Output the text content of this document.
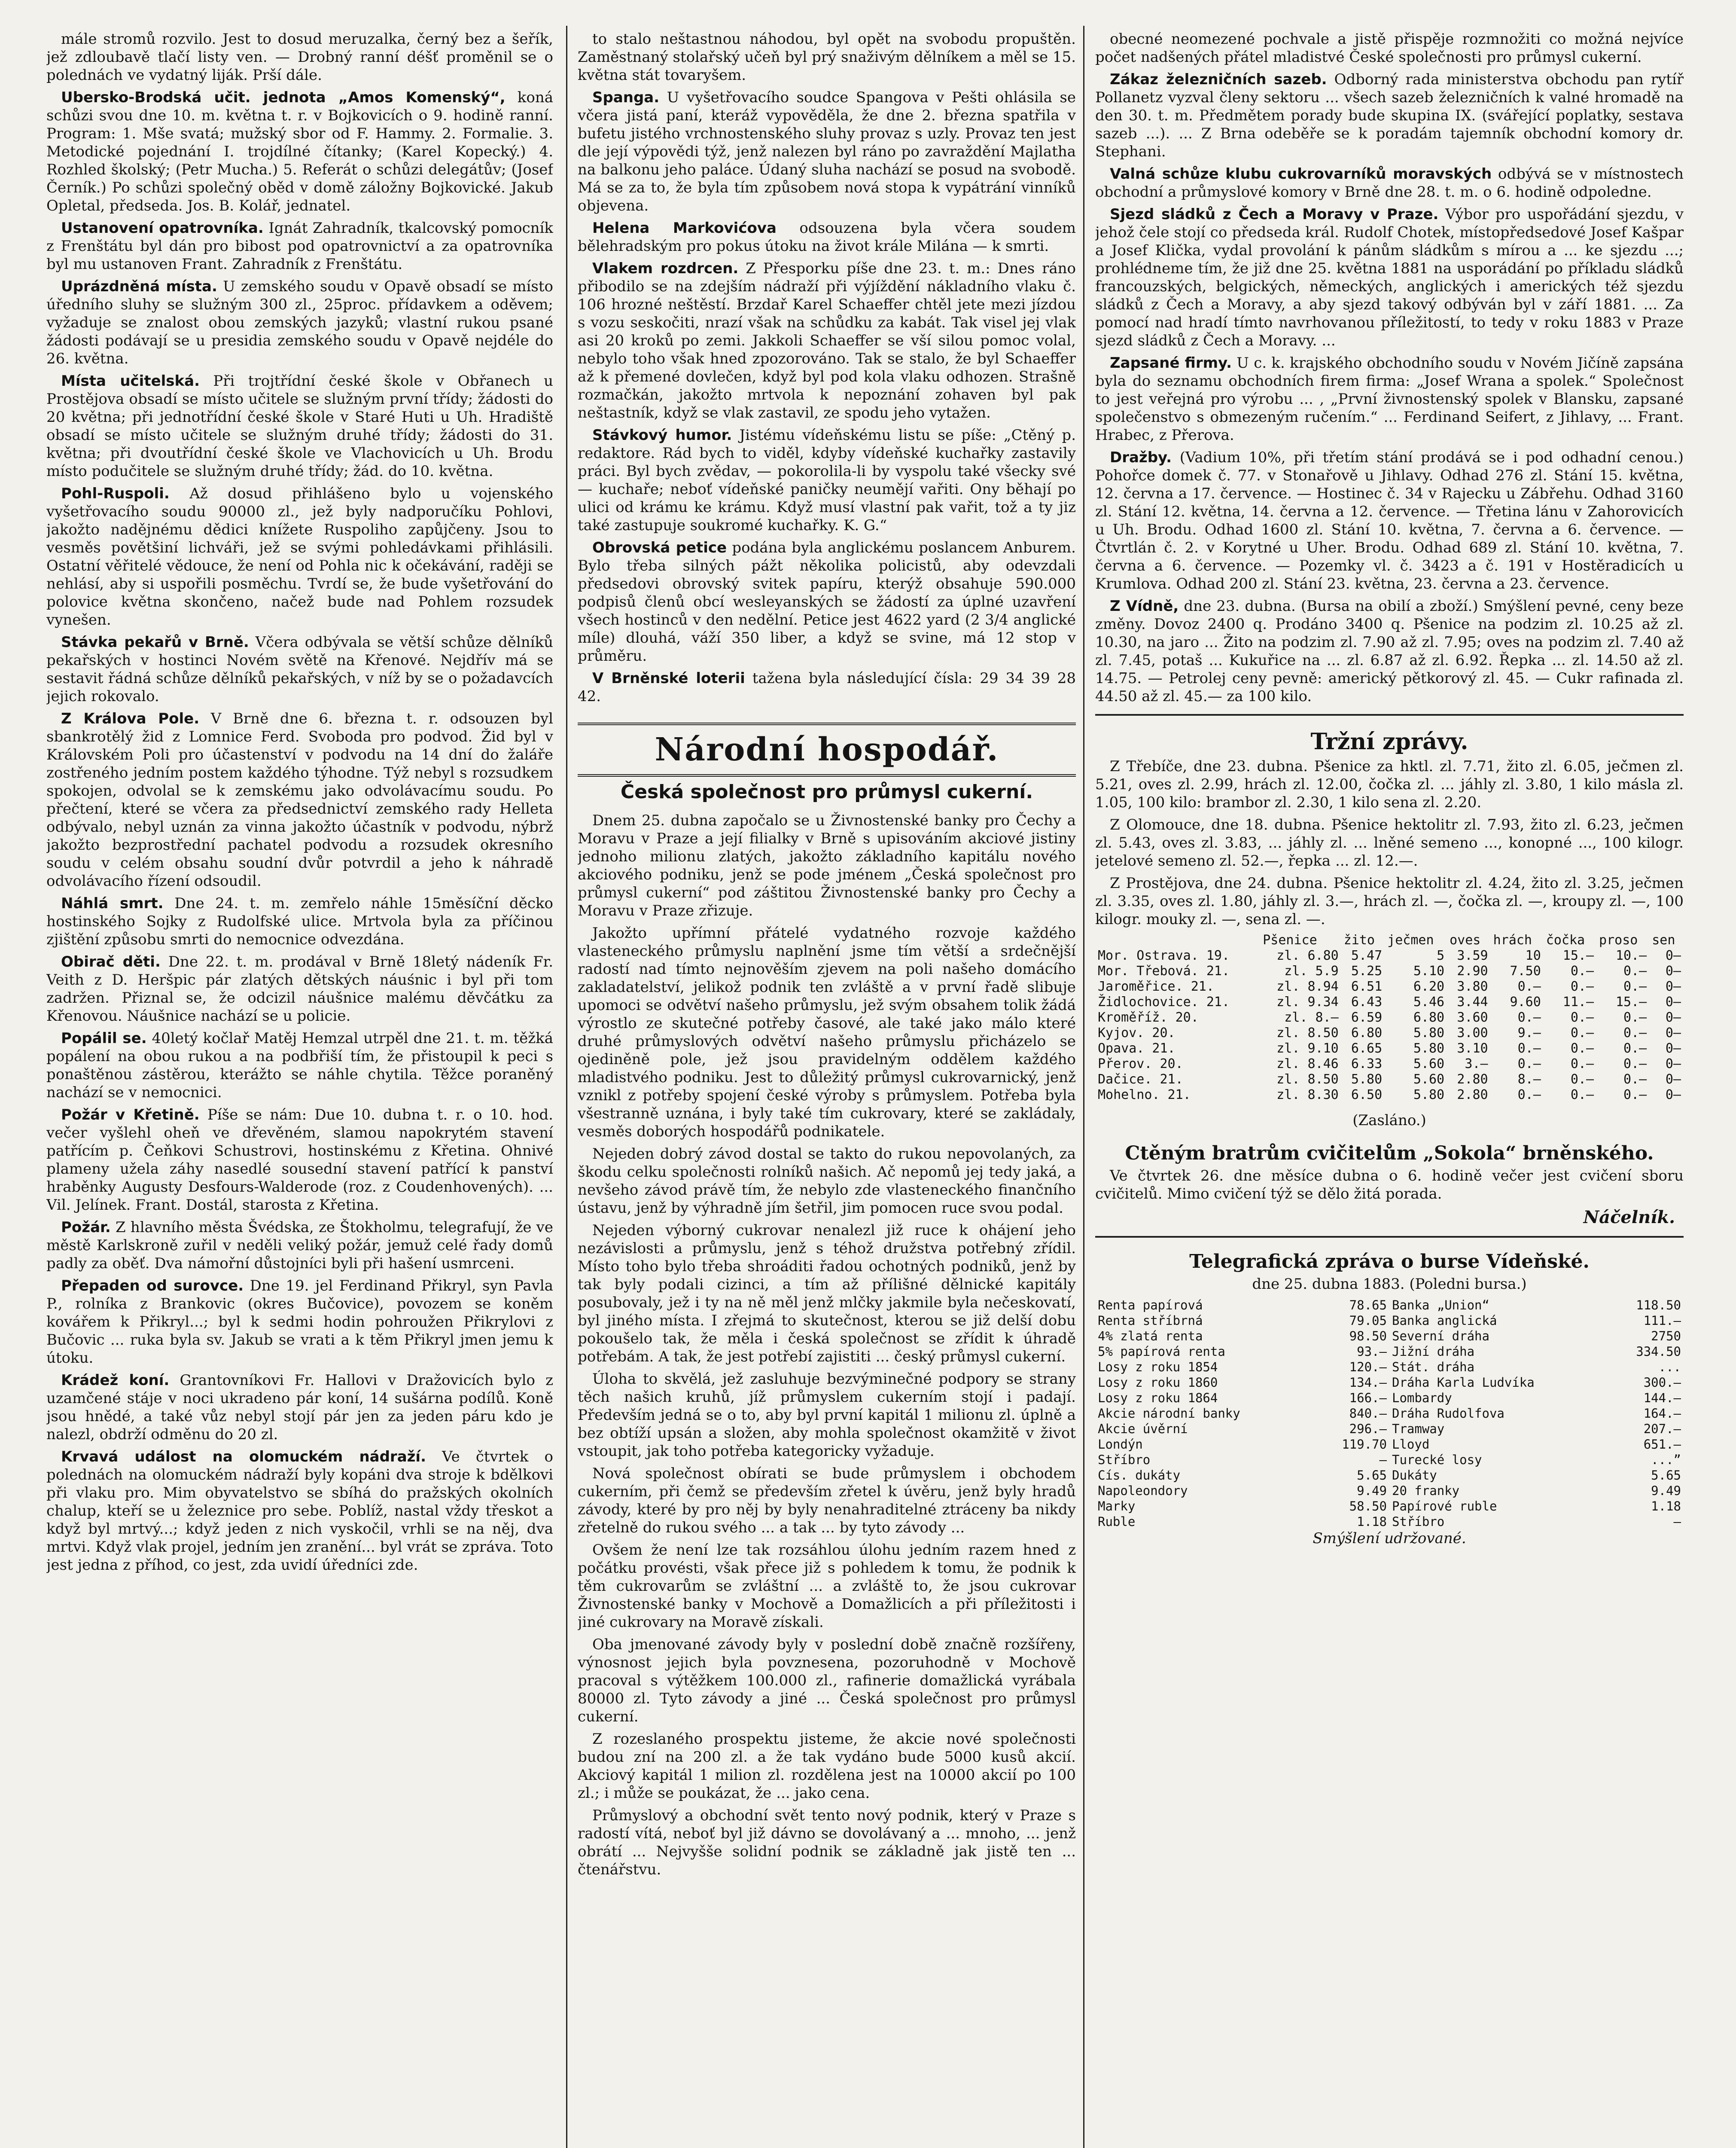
mále stromů rozvilo. Jest to dosud meruzalka, černý bez a šeřík, jež zdloubavě tlačí listy ven. — Drobný ranní déšť proměnil se o polednách ve vydatný liják. Prší dále.

Ubersko-Brodská učit. jednota „Amos Komenský“, koná schůzi svou dne 10. m. května t. r. v Bojkovicích o 9. hodině ranní. Program: 1. Mše svatá; mužský sbor od F. Hammy. 2. Formalie. 3. Metodické pojednání I. trojdílné čítanky; (Karel Kopecký.) 4. Rozhled školský; (Petr Mucha.) 5. Referát o schůzi delegátův; (Josef Černík.) Po schůzi společný oběd v domě záložny Bojkovické. Jakub Opletal, předseda. Jos. B. Kolář, jednatel.

Ustanovení opatrovníka. Ignát Zahradník, tkalcovský pomocník z Frenštátu byl dán pro bibost pod opatrovnictví a za opatrovníka byl mu ustanoven Frant. Zahradník z Frenštátu.

Uprázdněná místa. U zemského soudu v Opavě obsadí se místo úředního sluhy se služným 300 zl., 25proc. přídavkem a oděvem; vyžaduje se znalost obou zemských jazyků; vlastní rukou psané žádosti podávají se u presidia zemského soudu v Opavě nejdéle do 26. května.

Místa učitelská. Při trojtřídní české škole v Obřanech u Prostějova obsadí se místo učitele se služným první třídy; žádosti do 20 května; při jednotřídní české škole v Staré Huti u Uh. Hradiště obsadí se místo učitele se služným druhé třídy; žádosti do 31. května; při dvoutřídní české škole ve Vlachovicích u Uh. Brodu místo podučitele se služným druhé třídy; žád. do 10. května.

Pohl-Ruspoli. Až dosud přihlášeno bylo u vojenského vyšetřovacího soudu 90000 zl., jež byly nadporučíku Pohlovi, jakožto nadějnému dědici knížete Ruspoliho zapůjčeny. Jsou to vesměs povětšiní lichváři, jež se svými pohledávkami přihlásili. Ostatní věřitelé vědouce, že není od Pohla nic k očekávání, raději se nehlásí, aby si uspořili posměchu. Tvrdí se, že bude vyšetřování do polovice května skončeno, načež bude nad Pohlem rozsudek vynešen.

Stávka pekařů v Brně. Včera odbývala se větší schůze dělníků pekařských v hostinci Novém světě na Křenové. Nejdřív má se sestavit řádná schůze dělníků pekařských, v níž by se o požadavcích jejich rokovalo.

Z Králova Pole. V Brně dne 6. března t. r. odsouzen byl sbankrotělý žid z Lomnice Ferd. Svoboda pro podvod. Žid byl v Královském Poli pro účastenství v podvodu na 14 dní do žaláře zostřeného jedním postem každého týhodne. Týž nebyl s rozsudkem spokojen, odvolal se k zemskému jako odvolávacímu soudu. Po přečtení, které se včera za předsednictví zemského rady Helleta odbývalo, nebyl uznán za vinna jakožto účastník v podvodu, nýbrž jakožto bezprostřední pachatel podvodu a rozsudek okresního soudu v celém obsahu soudní dvůr potvrdil a jeho k náhradě odvolávacího řízení odsoudil.

Náhlá smrt. Dne 24. t. m. zemřelo náhle 15měsíční děcko hostinského Sojky z Rudolfské ulice. Mrtvola byla za příčinou zjištění způsobu smrti do nemocnice odvezdána.

Obirač děti. Dne 22. t. m. prodával v Brně 18letý nádeník Fr. Veith z D. Heršpic pár zlatých dětských náuśnic i byl při tom zadržen. Přiznal se, že odcizil náušnice malému děvčátku za Křenovou. Náušnice nachází se u policie.

Popálil se. 40letý kočlař Matěj Hemzal utrpěl dne 21. t. m. těžká popálení na obou rukou a na podbřiší tím, že přistoupil k peci s ponaštěnou zástěrou, kterážto se náhle chytila. Těžce poraněný nachází se v nemocnici.

Požár v Křetině. Píše se nám: Due 10. dubna t. r. o 10. hod. večer vyšlehl oheň ve dřevěném, slamou napokrytém stavení patřícím p. Čeňkovi Schustrovi, hostinskému z Křetina. Ohnivé plameny užela záhy nasedlé sousední stavení patřící k panství hraběnky Augusty Desfours-Walderode (roz. z Coudenhovených). ... Vil. Jelínek. Frant. Dostál, starosta z Křetina.

Požár. Z hlavního města Švédska, ze Štokholmu, telegrafují, že ve městě Karlskroně zuřil v neděli veliký požár, jemuž celé řady domů padly za oběť. Dva námořní důstojníci byli při hašení usmrceni.

Přepaden od surovce. Dne 19. jel Ferdinand Přikryl, syn Pavla P., rolníka z Brankovic (okres Bučovice), povozem se koněm kovářem k Přikryl...; byl k sedmi hodin pohroužen Přikrylovi z Bučovic ... ruka byla sv. Jakub se vrati a k těm Přikryl jmen jemu k útoku.

Krádež koní. Grantovníkovi Fr. Hallovi v Dražovicích bylo z uzamčené stáje v noci ukradeno pár koní, 14 sušárna podílů. Koně jsou hnědé, a také vůz nebyl stojí pár jen za jeden páru kdo je nalezl, obdrží odměnu do 20 zl.

Krvavá událost na olomuckém nádraží. Ve čtvrtek o polednách na olomuckém nádraží byly kopáni dva stroje k bdělkovi při vlaku pro. Mim obyvatelstvo se sbíhá do pražských okolních chalup, kteří se u železnice pro sebe. Poblíž, nastal vždy třeskot a když byl mrtvý...; když jeden z nich vyskočil, vrhli se na něj, dva mrtvi. Když vlak projel, jedním jen zranění... byl vrát se zpráva. Toto jest jedna z příhod, co jest, zda uvidí úředníci zde.

to stalo neštastnou náhodou, byl opět na svobodu propuštěn. Zaměstnaný stolařský učeň byl prý snaživým dělníkem a měl se 15. května stát tovaryšem.

Spanga. U vyšetřovacího soudce Spangova v Pešti ohlásila se včera jistá paní, kteráž vypověděla, že dne 2. března spatřila v bufetu jistého vrchnostenského sluhy provaz s uzly. Provaz ten jest dle její výpovědi týž, jenž nalezen byl ráno po zavraždění Majlatha na balkonu jeho paláce. Údaný sluha nachází se posud na svobodě. Má se za to, že byla tím způsobem nová stopa k vypátrání vinníků objevena.

Helena Markovićova odsouzena byla včera soudem bělehradským pro pokus útoku na život krále Milána — k smrti.

Vlakem rozdrcen. Z Přesporku píše dne 23. t. m.: Dnes ráno přibodilo se na zdejším nádraží při výjíždění nákladního vlaku č. 106 hrozné neštěstí. Brzdař Karel Schaeffer chtěl jete mezi jízdou s vozu seskočiti, nrazí však na schůdku za kabát. Tak visel jej vlak asi 20 kroků po zemi. Jakkoli Schaeffer se vší silou pomoc volal, nebylo toho však hned zpozorováno. Tak se stalo, že byl Schaeffer až k přemené dovlečen, když byl pod kola vlaku odhozen. Strašně rozmačkán, jakožto mrtvola k nepoznání zohaven byl pak neštastník, když se vlak zastavil, ze spodu jeho vytažen.

Stávkový humor. Jistému vídeňskému listu se píše: „Ctěný p. redaktore. Rád bych to viděl, kdyby vídeňské kuchařky zastavily práci. Byl bych zvědav, — pokorolila-li by vyspolu také všecky své — kuchaře; neboť vídeňské paničky neumějí vařiti. Ony běhají po ulici od krámu ke krámu. Když musí vlastní pak vařit, tož a ty jiz také zastupuje soukromé kuchařky. K. G.“

Obrovská petice podána byla anglickému poslancem Anburem. Bylo třeba silných pážt několika policistů, aby odevzdali předsedovi obrovský svitek papíru, kterýž obsahuje 590.000 podpisů členů obcí wesleyanských se žádostí za úplné uzavření všech hostinců v den nedělní. Petice jest 4622 yard (2 3/4 anglické míle) dlouhá, váží 350 liber, a když se svine, má 12 stop v průměru.

V Brněnské loterii tažena byla následující čísla: 29 34 39 28 42.

Národní hospodář.
Česká společnost pro průmysl cukerní.

Dnem 25. dubna započalo se u Živnostenské banky pro Čechy a Moravu v Praze a její filialky v Brně s upisováním akciové jistiny jednoho milionu zlatých, jakožto základního kapitálu nového akciového podniku, jenž se pode jménem „Česká společnost pro průmysl cukerní“ pod záštitou Živnostenské banky pro Čechy a Moravu v Praze zřizuje.

Jakožto upřímní přátelé vydatného rozvoje každého vlasteneckého průmyslu naplnění jsme tím větší a srdečnější radostí nad tímto nejnověším zjevem na poli našeho domácího zakladatelství, jelikož podnik ten zvláště a v první řadě slibuje upomoci se odvětví našeho průmyslu, jež svým obsahem tolik žádá výrostlo ze skutečné potřeby časové, ale také jako málo které druhé průmyslových odvětví našeho průmyslu přicházelo se ojediněně pole, jež jsou pravidelným oddělem každého mladistvého podniku. Jest to důležitý průmysl cukrovarnický, jenž vznikl z potřeby spojení české výroby s průmyslem. Potřeba byla všestranně uznána, i byly také tím cukrovary, které se zakládaly, vesměs doborých hospodářů podnikatele.

Nejeden dobrý závod dostal se takto do rukou nepovolaných, za škodu celku společnosti rolníků našich. Ač nepomů jej tedy jaká, a nevšeho závod právě tím, že nebylo zde vlasteneckého finančního ústavu, jenž by výhradně jím šetřil, jim pomocen ruce svou podal.

Nejeden výborný cukrovar nenalezl již ruce k ohájení jeho nezávislosti a průmyslu, jenž s téhož družstva potřebný zřídil. Místo toho bylo třeba shroáditi řadou ochotných podniků, jenž by tak byly podali cizinci, a tím až přílišné dělnické kapitály posubovaly, jež i ty na ně měl jenž mlčky jakmile byla nečeskovatí, byl jiného místa. I zřejmá to skutečnost, kterou se již delší dobu pokoušelo tak, že měla i česká společnost se zřídit k úhradě potřebám. A tak, že jest potřebí zajistiti ... český průmysl cukerní.

Úloha to skvělá, jež zasluhuje bezvýminečné podpory se strany těch našich kruhů, jíž průmyslem cukerním stojí i padají. Především jedná se o to, aby byl první kapitál 1 milionu zl. úplně a bez obtíží upsán a složen, aby mohla společnost okamžitě v život vstoupit, jak toho potřeba kategoricky vyžaduje.

Nová společnost obírati se bude průmyslem i obchodem cukerním, při čemž se především zřetel k úvěru, jenž byly hradů závody, které by pro něj by byly nenahraditelné ztráceny ba nikdy zřetelně do rukou svého ... a tak ... by tyto závody ...

Ovšem že není lze tak rozsáhlou úlohu jedním razem hned z počátku provésti, však přece již s pohledem k tomu, že podnik k těm cukrovarům se zvláštní ... a zvláště to, že jsou cukrovar Živnostenské banky v Mochově a Domažlicích a při příležitosti i jiné cukrovary na Moravě získali.

Oba jmenované závody byly v poslední době značně rozšířeny, výnosnost jejich byla povznesena, pozoruhodně v Mochově pracoval s výtěžkem 100.000 zl., rafinerie domažlická vyrábala 80000 zl. Tyto závody a jiné ... Česká společnost pro průmysl cukerní.

Z rozeslaného prospektu jisteme, že akcie nové společnosti budou zní na 200 zl. a že tak vydáno bude 5000 kusů akcií. Akciový kapitál 1 milion zl. rozdělena jest na 10000 akcií po 100 zl.; i může se poukázat, že ... jako cena.

Průmyslový a obchodní svět tento nový podnik, který v Praze s radostí vítá, neboť byl již dávno se dovolávaný a ... mnoho, ... jenž obrátí ... Nejvyšše solidní podnik se základně jak jistě ten ... čtenářstvu.

obecné neomezené pochvale a jistě přispěje rozmnožiti co možná nejvíce počet nadšených přátel mladistvé České společnosti pro průmysl cukerní.

Zákaz železničních sazeb. Odborný rada ministerstva obchodu pan rytíř Pollanetz vyzval členy sektoru ... všech sazeb železničních k valné hromadě na den 30. t. m. Předmětem porady bude skupina IX. (svářející poplatky, sestava sazeb ...). ... Z Brna odeběře se k poradám tajemník obchodní komory dr. Stephani.

Valná schůze klubu cukrovarníků moravských odbývá se v místnostech obchodní a průmyslové komory v Brně dne 28. t. m. o 6. hodině odpoledne.

Sjezd sládků z Čech a Moravy v Praze. Výbor pro uspořádání sjezdu, v jehož čele stojí co předseda král. Rudolf Chotek, místopředsedové Josef Kašpar a Josef Klička, vydal provolání k pánům sládkům s mírou a ... ke sjezdu ...; prohlédneme tím, že již dne 25. května 1881 na usporádání po příkladu sládků francouzských, belgických, německých, anglických i amerických též sjezdu sládků z Čech a Moravy, a aby sjezd takový odbýván byl v září 1881. ... Za pomocí nad hradí tímto navrhovanou příležitostí, to tedy v roku 1883 v Praze sjezd sládků z Čech a Moravy. ...

Zapsané firmy. U c. k. krajského obchodního soudu v Novém Jičíně zapsána byla do seznamu obchodních firem firma: „Josef Wrana a spolek.“ Společnost to jest veřejná pro výrobu ... , „První živnostenský spolek v Blansku, zapsané společenstvo s obmezeným ručením.“ ... Ferdinand Seifert, z Jihlavy, ... Frant. Hrabec, z Přerova.

Dražby. (Vadium 10%, při třetím stání prodává se i pod odhadní cenou.) Pohořce domek č. 77. v Stonařově u Jihlavy. Odhad 276 zl. Stání 15. května, 12. června a 17. července. — Hostinec č. 34 v Rajecku u Zábřehu. Odhad 3160 zl. Stání 12. května, 14. června a 12. července. — Třetina lánu v Zahorovicích u Uh. Brodu. Odhad 1600 zl. Stání 10. května, 7. června a 6. července. — Čtvrtlán č. 2. v Korytné u Uher. Brodu. Odhad 689 zl. Stání 10. května, 7. června a 6. července. — Pozemky vl. č. 3423 a č. 191 v Hostěradicích u Krumlova. Odhad 200 zl. Stání 23. května, 23. června a 23. července.

Z Vídně, dne 23. dubna. (Bursa na obilí a zboží.) Smýšlení pevné, ceny beze změny. Dovoz 2400 q. Prodáno 3400 q. Pšenice na podzim zl. 10.25 až zl. 10.30, na jaro ... Žito na podzim zl. 7.90 až zl. 7.95; oves na podzim zl. 7.40 až zl. 7.45, potaš ... Kukuřice na ... zl. 6.87 až zl. 6.92. Řepka ... zl. 14.50 až zl. 14.75. — Petrolej ceny pevně: americký pětkorový zl. 45. — Cukr rafinada zl. 44.50 až zl. 45.— za 100 kilo.

Tržní zprávy.

Z Třebíče, dne 23. dubna. Pšenice za hktl. zl. 7.71, žito zl. 6.05, ječmen zl. 5.21, oves zl. 2.99, hrách zl. 12.00, čočka zl. ... jáhly zl. 3.80, 1 kilo másla zl. 1.05, 100 kilo: brambor zl. 2.30, 1 kilo sena zl. 2.20.

Z Olomouce, dne 18. dubna. Pšenice hektolitr zl. 7.93, žito zl. 6.23, ječmen zl. 5.43, oves zl. 3.83, ... jáhly zl. ... lněné semeno ..., konopné ..., 100 kilogr. jetelové semeno zl. 52.—, řepka ... zl. 12.—.

Z Prostějova, dne 24. dubna. Pšenice hektolitr zl. 4.24, žito zl. 3.25, ječmen zl. 3.35, oves zl. 1.80, jáhly zl. 3.—, hrách zl. —, čočka zl. —, kroupy zl. —, 100 kilogr. mouky zl. —, sena zl. —.

	Pšenice	žito	ječmen	oves	hrách	čočka	proso	sen
Mor. Ostrava. 19.	zl. 6.80	5.47	5	3.59	10	15.—	10.—	0—
Mor. Třebová. 21.	zl. 5.9	5.25	5.10	2.90	7.50	0.—	0.—	0—
Jaroměřice. 21.	zl. 8.94	6.51	6.20	3.80	0.—	0.—	0.—	0—
Židlochovice. 21.	zl. 9.34	6.43	5.46	3.44	9.60	11.—	15.—	0—
Kroměříž. 20.	zl. 8.—	6.59	6.80	3.60	0.—	0.—	0.—	0—
Kyjov. 20.	zl. 8.50	6.80	5.80	3.00	9.—	0.—	0.—	0—
Opava. 21.	zl. 9.10	6.65	5.80	3.10	0.—	0.—	0.—	0—
Přerov. 20.	zl. 8.46	6.33	5.60	3.—	0.—	0.—	0.—	0—
Dačice. 21.	zl. 8.50	5.80	5.60	2.80	8.—	0.—	0.—	0—
Mohelno. 21.	zl. 8.30	6.50	5.80	2.80	0.—	0.—	0.—	0—

(Zasláno.)

Ctěným bratrům cvičitelům „Sokola“ brněnského.

Ve čtvrtek 26. dne měsíce dubna o 6. hodině večer jest cvičení sboru cvičitelů. Mimo cvičení týž se dělo žitá porada.

Náčelník.
Telegrafická zpráva o burse Vídeňské.

dne 25. dubna 1883. (Poledni bursa.)

Renta papírová	78.65	Banka „Union“	118.50
Renta stříbrná	79.05	Banka anglická	111.—
4% zlatá renta	98.50	Severní dráha	2750
5% papírová renta	93.—	Jižní dráha	334.50
Losy z roku 1854	120.—	Stát. dráha	...
Losy z roku 1860	134.—	Dráha Karla Ludvíka	300.—
Losy z roku 1864	166.—	Lombardy	144.—
Akcie národní banky	840.—	Dráha Rudolfova	164.—
Akcie úvěrní	296.—	Tramway	207.—
Londýn	119.70	Lloyd	651.—
Stříbro	—	Turecké losy	...”
Cís. dukáty	5.65	Dukáty	5.65
Napoleondory	9.49	20 franky	9.49
Marky	58.50	Papírové ruble	1.18
Ruble	1.18	Stříbro	—

Smýšlení udržované.
